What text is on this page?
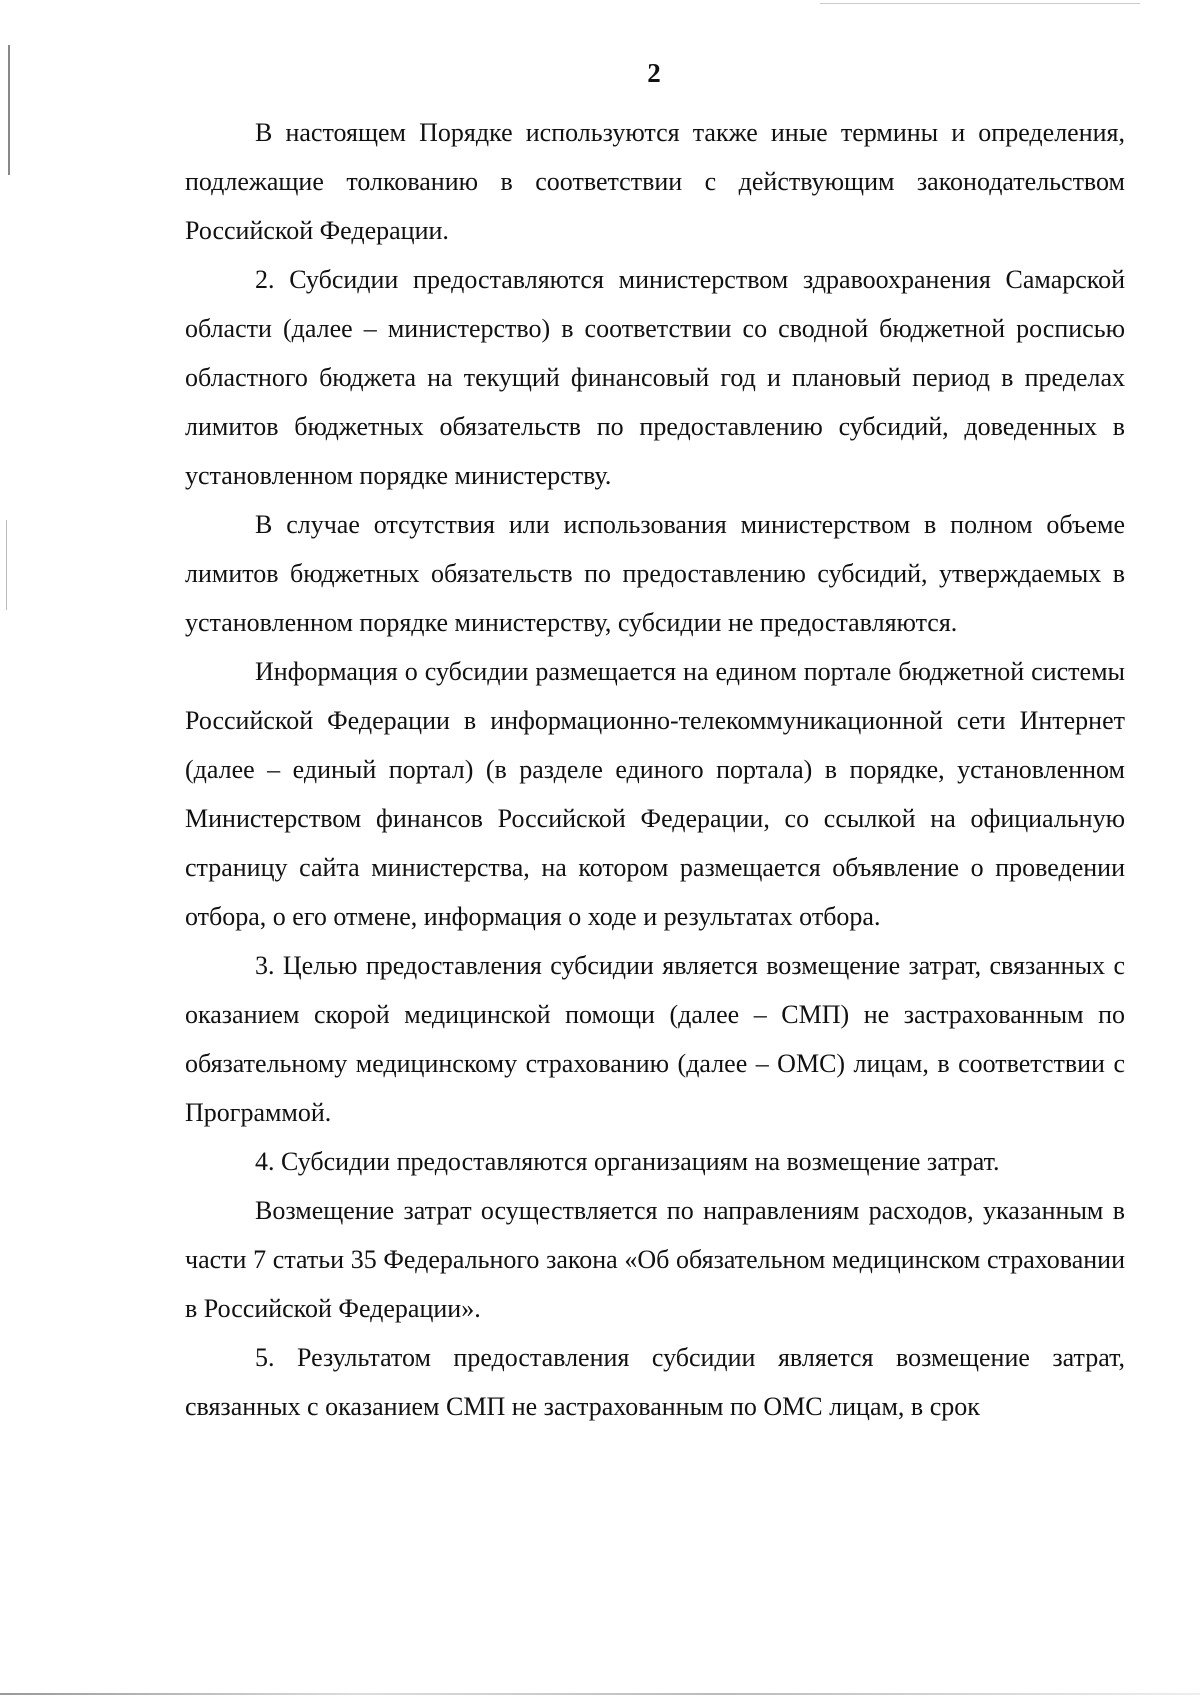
2

В настоящем Порядке используются также иные термины и определения, подлежащие толкованию в соответствии с действующим законодательством Российской Федерации.

2. Субсидии предоставляются министерством здравоохранения Самарской области (далее – министерство) в соответствии со сводной бюджетной росписью областного бюджета на текущий финансовый год и плановый период в пределах лимитов бюджетных обязательств по предоставлению субсидий, доведенных в установленном порядке министерству.

В случае отсутствия или использования министерством в полном объеме лимитов бюджетных обязательств по предоставлению субсидий, утверждаемых в установленном порядке министерству, субсидии не предоставляются.

Информация о субсидии размещается на едином портале бюджетной системы Российской Федерации в информационно-телекоммуникационной сети Интернет (далее – единый портал) (в разделе единого портала) в порядке, установленном Министерством финансов Российской Федерации, со ссылкой на официальную страницу сайта министерства, на котором размещается объявление о проведении отбора, о его отмене, информация о ходе и результатах отбора.

3. Целью предоставления субсидии является возмещение затрат, связанных с оказанием скорой медицинской помощи (далее – СМП) не застрахованным по обязательному медицинскому страхованию (далее – ОМС) лицам, в соответствии с Программой.

4. Субсидии предоставляются организациям на возмещение затрат.

Возмещение затрат осуществляется по направлениям расходов, указанным в части 7 статьи 35 Федерального закона «Об обязательном медицинском страховании в Российской Федерации».

5. Результатом предоставления субсидии является возмещение затрат, связанных с оказанием СМП не застрахованным по ОМС лицам, в срок
